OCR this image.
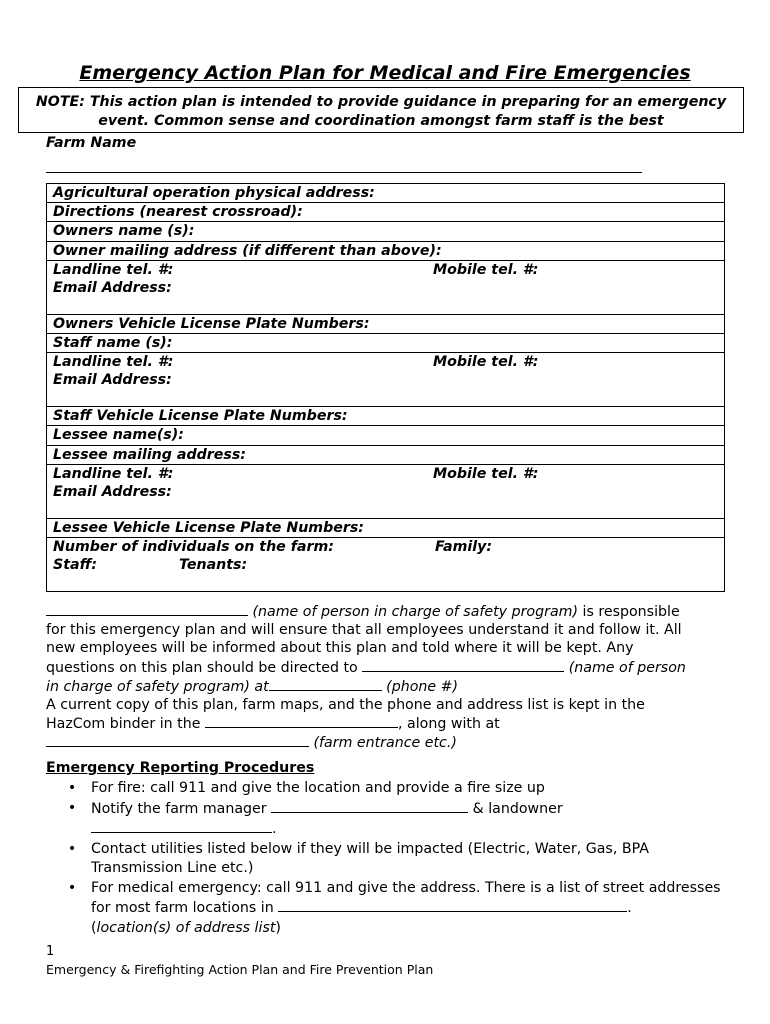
Emergency Action Plan for Medical and Fire Emergencies
NOTE: This action plan is intended to provide guidance in preparing for an emergency event. Common sense and coordination amongst farm staff is the best
Farm Name
Agricultural operation physical address:
Directions (nearest crossroad):
Owners name (s):
Owner mailing address (if different than above):
Landline tel. #:	Mobile tel. #:
Email Address:
Owners Vehicle License Plate Numbers:
Staff name (s):
Landline tel. #:	Mobile tel. #:
Email Address:
Staff Vehicle License Plate Numbers:
Lessee name(s):
Lessee mailing address:
Landline tel. #:	Mobile tel. #:
Email Address:
Lessee Vehicle License Plate Numbers:
Number of individuals on the farm:	Family:
Staff:	Tenants:
(name of person in charge of safety program) is responsible
for this emergency plan and will ensure that all employees understand it and follow it. All
new employees will be informed about this plan and told where it will be kept. Any
questions on this plan should be directed to	(name of person
in charge of safety program) at	(phone #)
A current copy of this plan, farm maps, and the phone and address list is kept in the
HazCom binder in the	, along with at
(farm entrance etc.)
Emergency Reporting Procedures
• For fire: call 911 and give the location and provide a fire size up
• Notify the farm manager	& landowner
.
• Contact utilities listed below if they will be impacted (Electric, Water, Gas, BPA Transmission Line etc.)
• For medical emergency: call 911 and give the address. There is a list of street addresses for most farm locations in	.
(location(s) of address list)
1
Emergency & Firefighting Action Plan and Fire Prevention Plan
